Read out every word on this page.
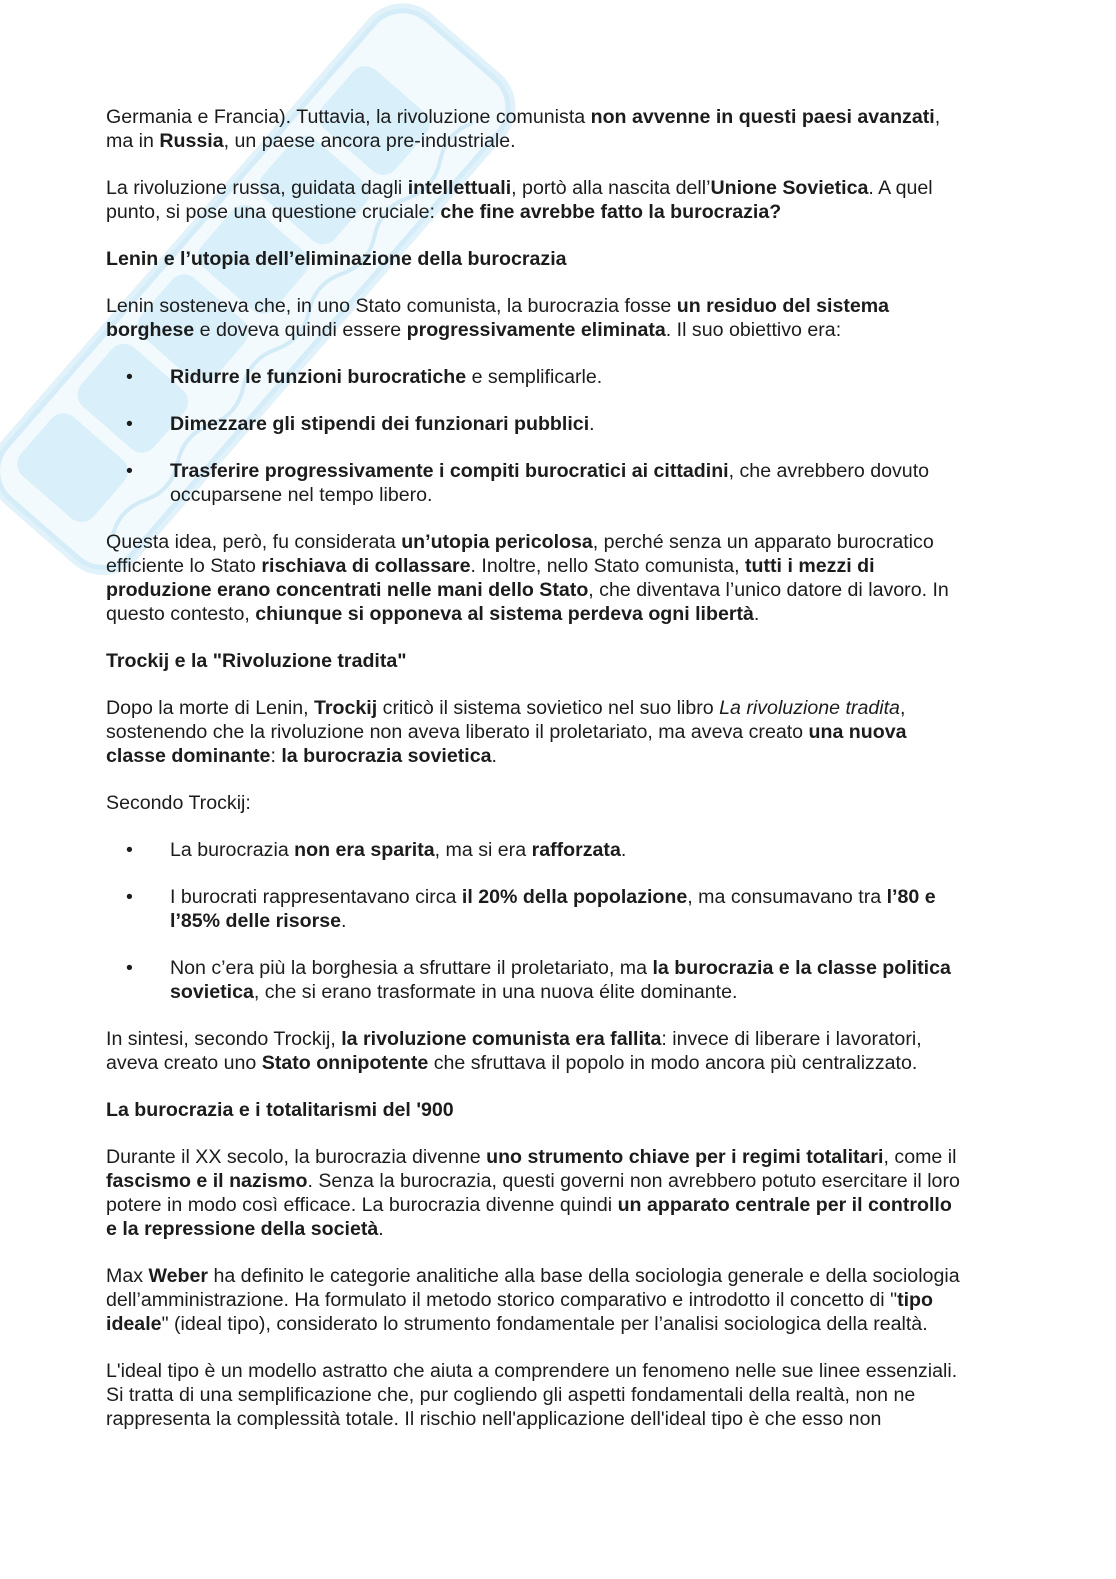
Germania e Francia). Tuttavia, la rivoluzione comunista non avvenne in questi paesi avanzati,
ma in Russia, un paese ancora pre-industriale.

La rivoluzione russa, guidata dagli intellettuali, portò alla nascita dell’Unione Sovietica. A quel
punto, si pose una questione cruciale: che fine avrebbe fatto la burocrazia?

Lenin e l’utopia dell’eliminazione della burocrazia

Lenin sosteneva che, in uno Stato comunista, la burocrazia fosse un residuo del sistema
borghese e doveva quindi essere progressivamente eliminata. Il suo obiettivo era:

•
Ridurre le funzioni burocratiche e semplificarle.
•
Dimezzare gli stipendi dei funzionari pubblici.
•
Trasferire progressivamente i compiti burocratici ai cittadini, che avrebbero dovuto
occuparsene nel tempo libero.

Questa idea, però, fu considerata un’utopia pericolosa, perché senza un apparato burocratico
efficiente lo Stato rischiava di collassare. Inoltre, nello Stato comunista, tutti i mezzi di
produzione erano concentrati nelle mani dello Stato, che diventava l’unico datore di lavoro. In
questo contesto, chiunque si opponeva al sistema perdeva ogni libertà.

Trockij e la "Rivoluzione tradita"

Dopo la morte di Lenin, Trockij criticò il sistema sovietico nel suo libro La rivoluzione tradita,
sostenendo che la rivoluzione non aveva liberato il proletariato, ma aveva creato una nuova
classe dominante: la burocrazia sovietica.

Secondo Trockij:

•
La burocrazia non era sparita, ma si era rafforzata.
•
I burocrati rappresentavano circa il 20% della popolazione, ma consumavano tra l’80 e
l’85% delle risorse.
•
Non c’era più la borghesia a sfruttare il proletariato, ma la burocrazia e la classe politica
sovietica, che si erano trasformate in una nuova élite dominante.

In sintesi, secondo Trockij, la rivoluzione comunista era fallita: invece di liberare i lavoratori,
aveva creato uno Stato onnipotente che sfruttava il popolo in modo ancora più centralizzato.

La burocrazia e i totalitarismi del '900

Durante il XX secolo, la burocrazia divenne uno strumento chiave per i regimi totalitari, come il
fascismo e il nazismo. Senza la burocrazia, questi governi non avrebbero potuto esercitare il loro
potere in modo così efficace. La burocrazia divenne quindi un apparato centrale per il controllo
e la repressione della società.

Max Weber ha definito le categorie analitiche alla base della sociologia generale e della sociologia
dell’amministrazione. Ha formulato il metodo storico comparativo e introdotto il concetto di "tipo
ideale" (ideal tipo), considerato lo strumento fondamentale per l’analisi sociologica della realtà.

L'ideal tipo è un modello astratto che aiuta a comprendere un fenomeno nelle sue linee essenziali.
Si tratta di una semplificazione che, pur cogliendo gli aspetti fondamentali della realtà, non ne
rappresenta la complessità totale. Il rischio nell'applicazione dell'ideal tipo è che esso non
